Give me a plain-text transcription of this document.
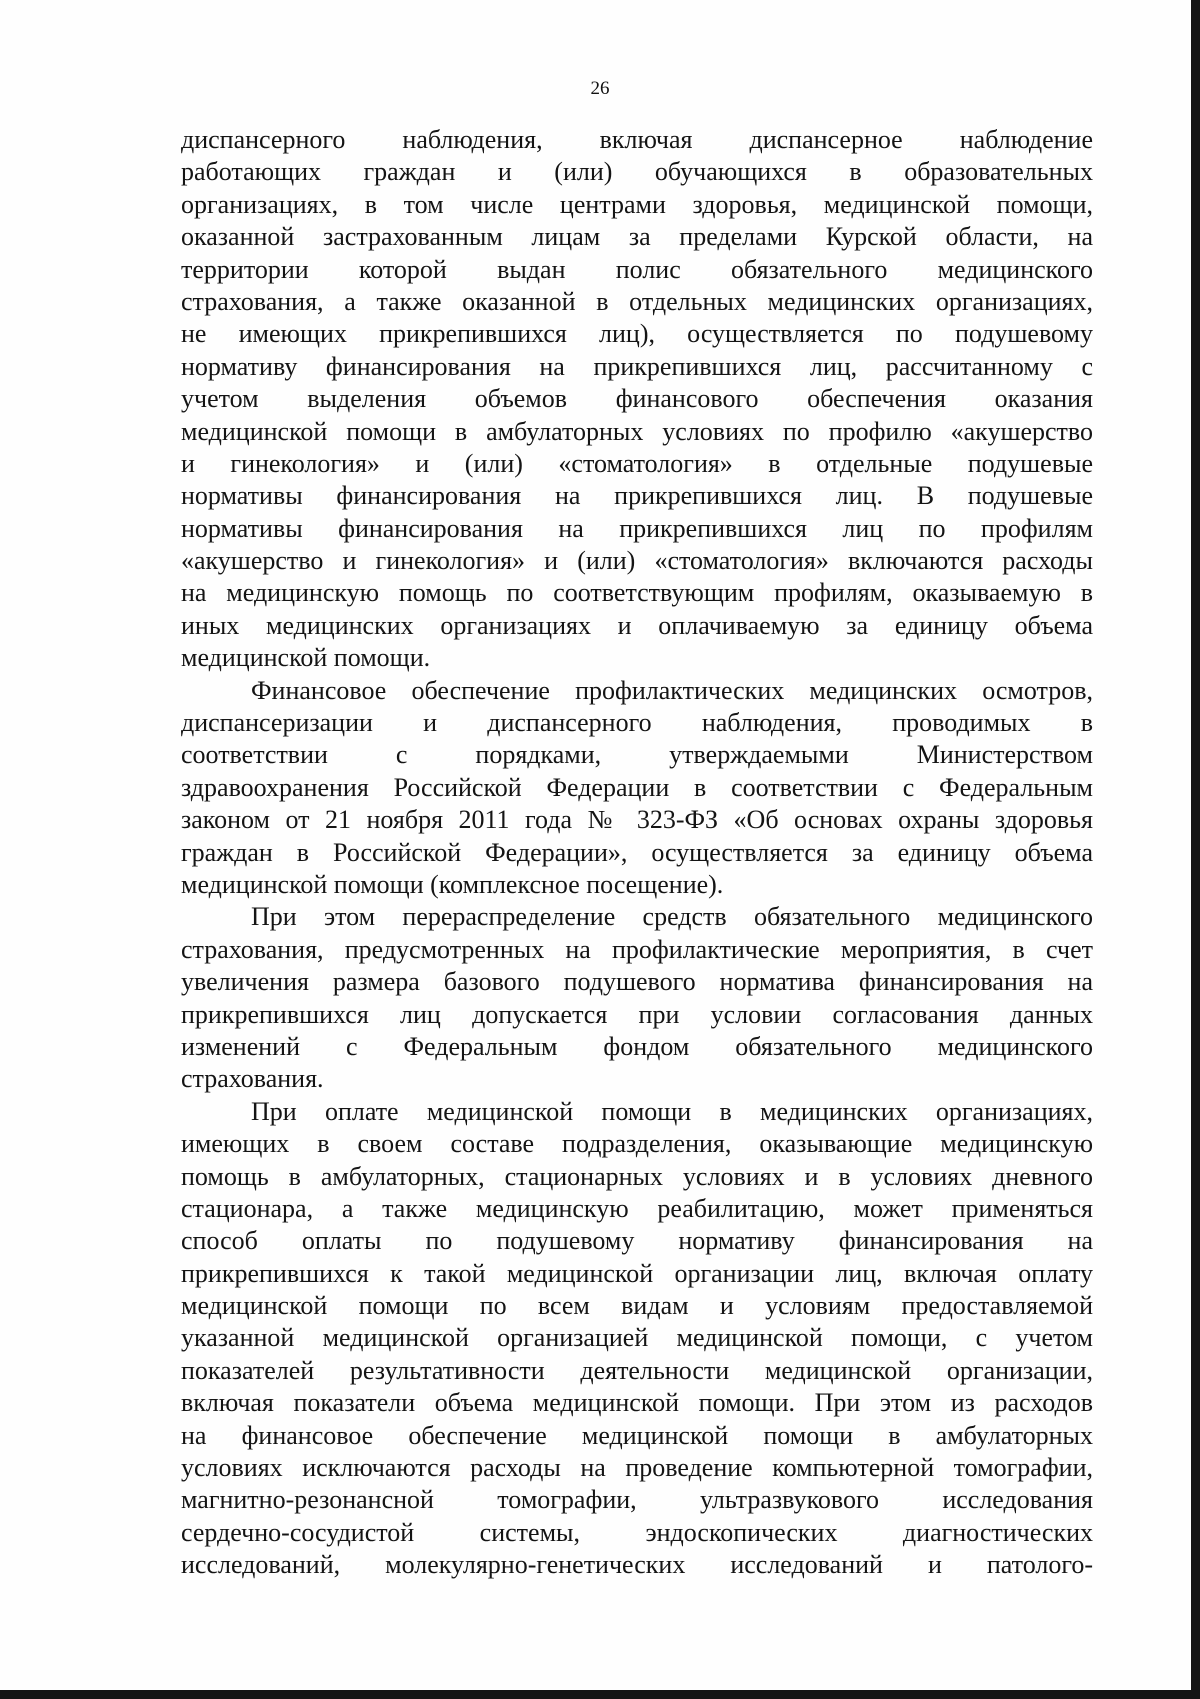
26
диспансерного наблюдения, включая диспансерное наблюдение
работающих граждан и (или) обучающихся в образовательных
организациях, в том числе центрами здоровья, медицинской помощи,
оказанной застрахованным лицам за пределами Курской области, на
территории которой выдан полис обязательного медицинского
страхования, а также оказанной в отдельных медицинских организациях,
не имеющих прикрепившихся лиц), осуществляется по подушевому
нормативу финансирования на прикрепившихся лиц, рассчитанному с
учетом выделения объемов финансового обеспечения оказания
медицинской помощи в амбулаторных условиях по профилю «акушерство
и гинекология» и (или) «стоматология» в отдельные подушевые
нормативы финансирования на прикрепившихся лиц. В подушевые
нормативы финансирования на прикрепившихся лиц по профилям
«акушерство и гинекология» и (или) «стоматология» включаются расходы
на медицинскую помощь по соответствующим профилям, оказываемую в
иных медицинских организациях и оплачиваемую за единицу объема
медицинской помощи.
Финансовое обеспечение профилактических медицинских осмотров,
диспансеризации и диспансерного наблюдения, проводимых в
соответствии с порядками, утверждаемыми Министерством
здравоохранения Российской Федерации в соответствии с Федеральным
законом от 21 ноября 2011 года № 323-ФЗ «Об основах охраны здоровья
граждан в Российской Федерации», осуществляется за единицу объема
медицинской помощи (комплексное посещение).
При этом перераспределение средств обязательного медицинского
страхования, предусмотренных на профилактические мероприятия, в счет
увеличения размера базового подушевого норматива финансирования на
прикрепившихся лиц допускается при условии согласования данных
изменений с Федеральным фондом обязательного медицинского
страхования.
При оплате медицинской помощи в медицинских организациях,
имеющих в своем составе подразделения, оказывающие медицинскую
помощь в амбулаторных, стационарных условиях и в условиях дневного
стационара, а также медицинскую реабилитацию, может применяться
способ оплаты по подушевому нормативу финансирования на
прикрепившихся к такой медицинской организации лиц, включая оплату
медицинской помощи по всем видам и условиям предоставляемой
указанной медицинской организацией медицинской помощи, с учетом
показателей результативности деятельности медицинской организации,
включая показатели объема медицинской помощи. При этом из расходов
на финансовое обеспечение медицинской помощи в амбулаторных
условиях исключаются расходы на проведение компьютерной томографии,
магнитно-резонансной томографии, ультразвукового исследования
сердечно-сосудистой системы, эндоскопических диагностических
исследований, молекулярно-генетических исследований и патолого-
